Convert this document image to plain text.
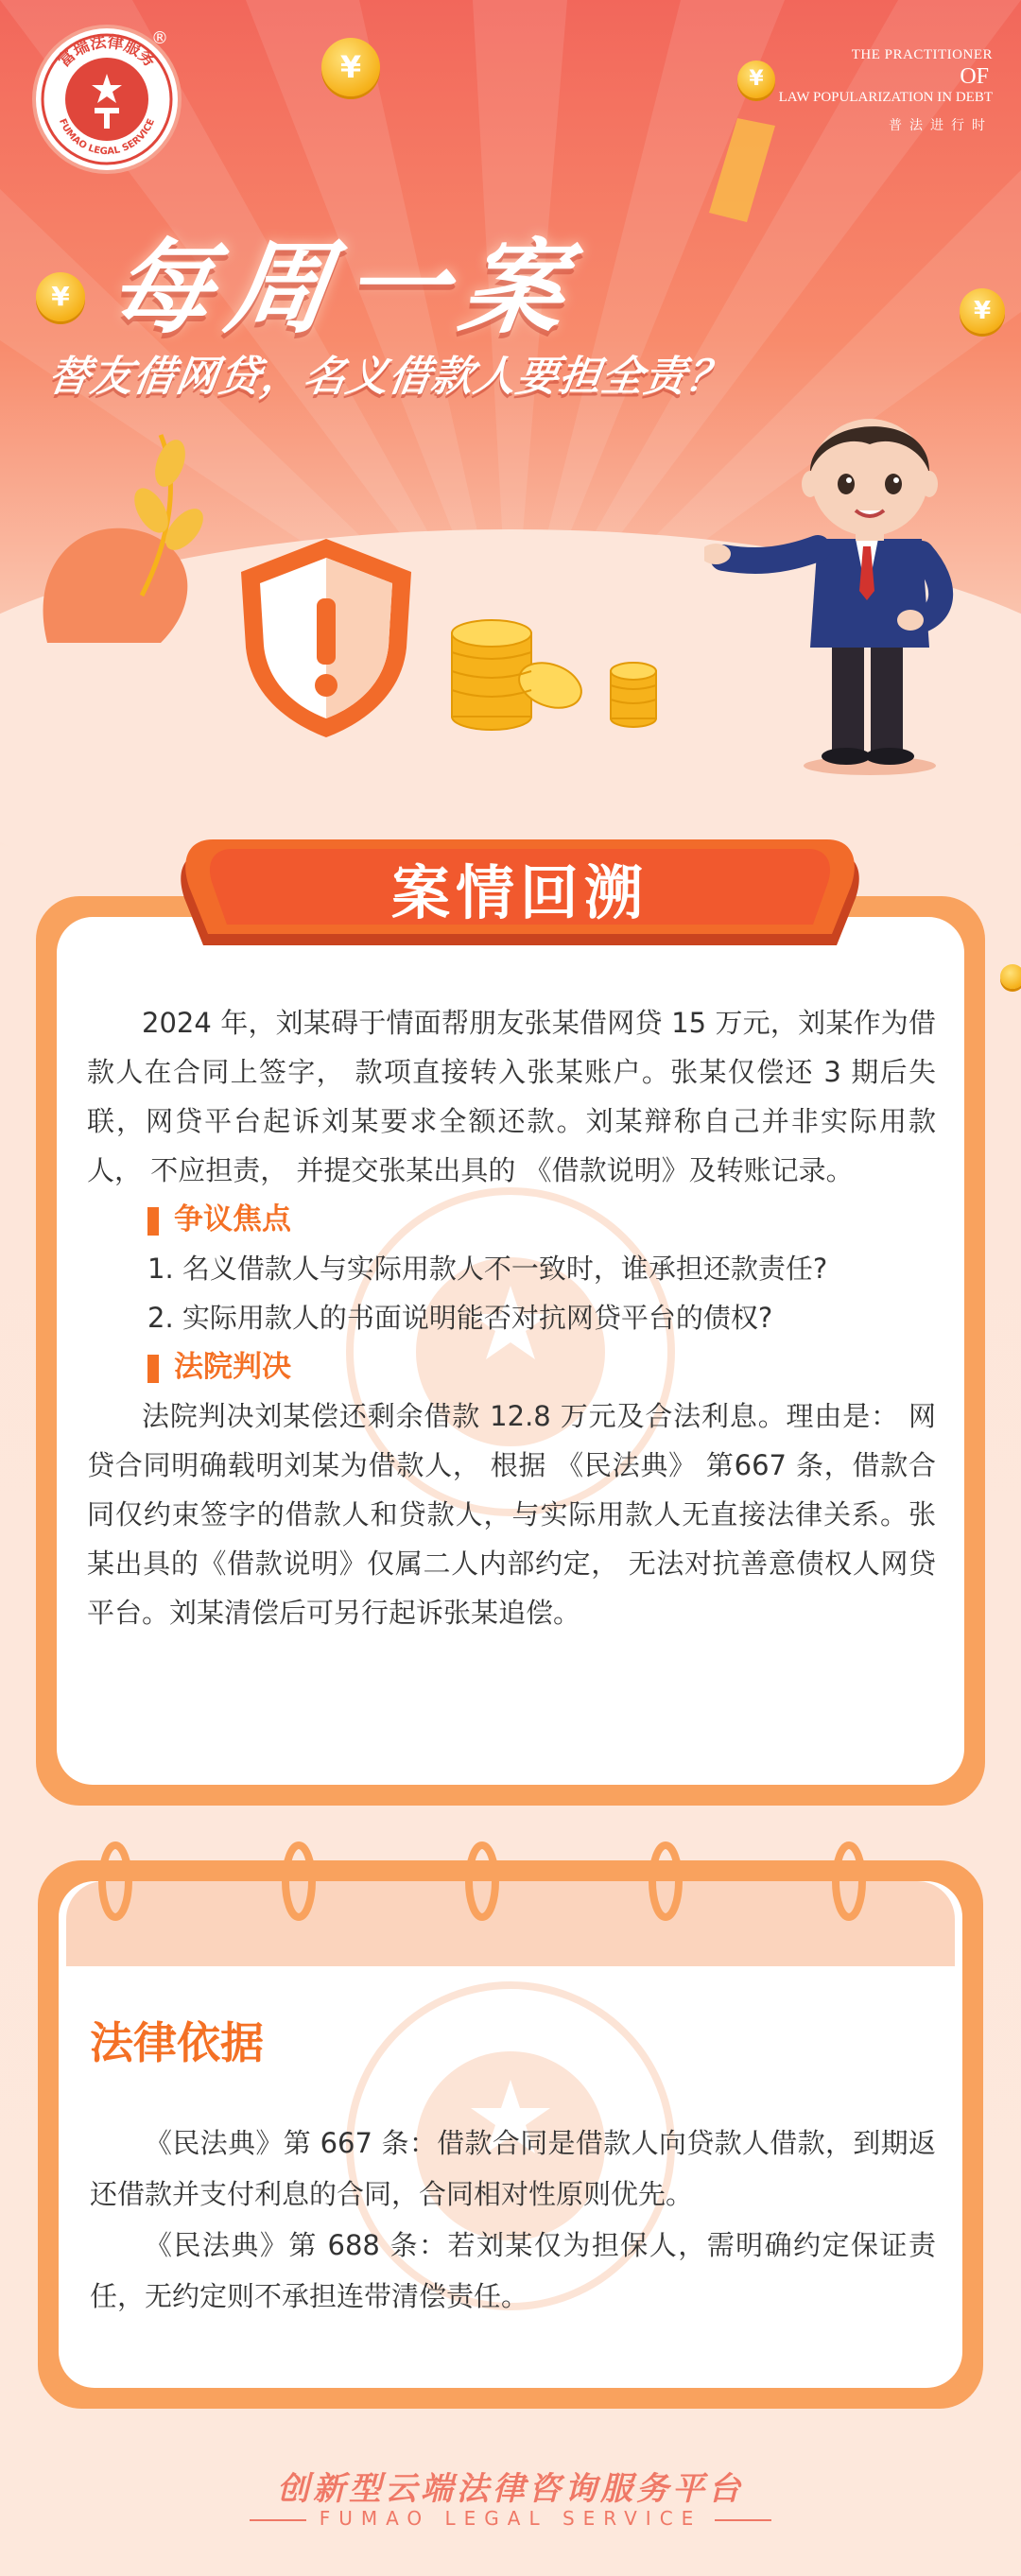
富瑞法律服务
FUMAO LEGAL SERVICE
®
THE PRACTITIONER
OF
LAW POPULARIZATION IN DEBT
普法进行时
¥	¥
¥	¥
每周一案
替友借网贷，名义借款人要担全责？
案情回溯

2024 年，刘某碍于情面帮朋友张某借网贷 15 万元，刘某作为借款人在合同上签字， 款项直接转入张某账户。张某仅偿还 3 期后失联，网贷平台起诉刘某要求全额还款。刘某辩称自己并非实际用款人， 不应担责， 并提交张某出具的 《借款说明》及转账记录。

争议焦点

1. 名义借款人与实际用款人不一致时，谁承担还款责任?

2. 实际用款人的书面说明能否对抗网贷平台的债权?

法院判决

法院判决刘某偿还剩余借款 12.8 万元及合法利息。理由是： 网贷合同明确载明刘某为借款人， 根据 《民法典》 第667 条，借款合同仅约束签字的借款人和贷款人，与实际用款人无直接法律关系。张某出具的《借款说明》仅属二人内部约定， 无法对抗善意债权人网贷平台。刘某清偿后可另行起诉张某追偿。

法律依据

《民法典》第 667 条：借款合同是借款人向贷款人借款，到期返还借款并支付利息的合同，合同相对性原则优先。

《民法典》第 688 条：若刘某仅为担保人，需明确约定保证责任，无约定则不承担连带清偿责任。

创新型云端法律咨询服务平台
FUMAO LEGAL SERVICE
